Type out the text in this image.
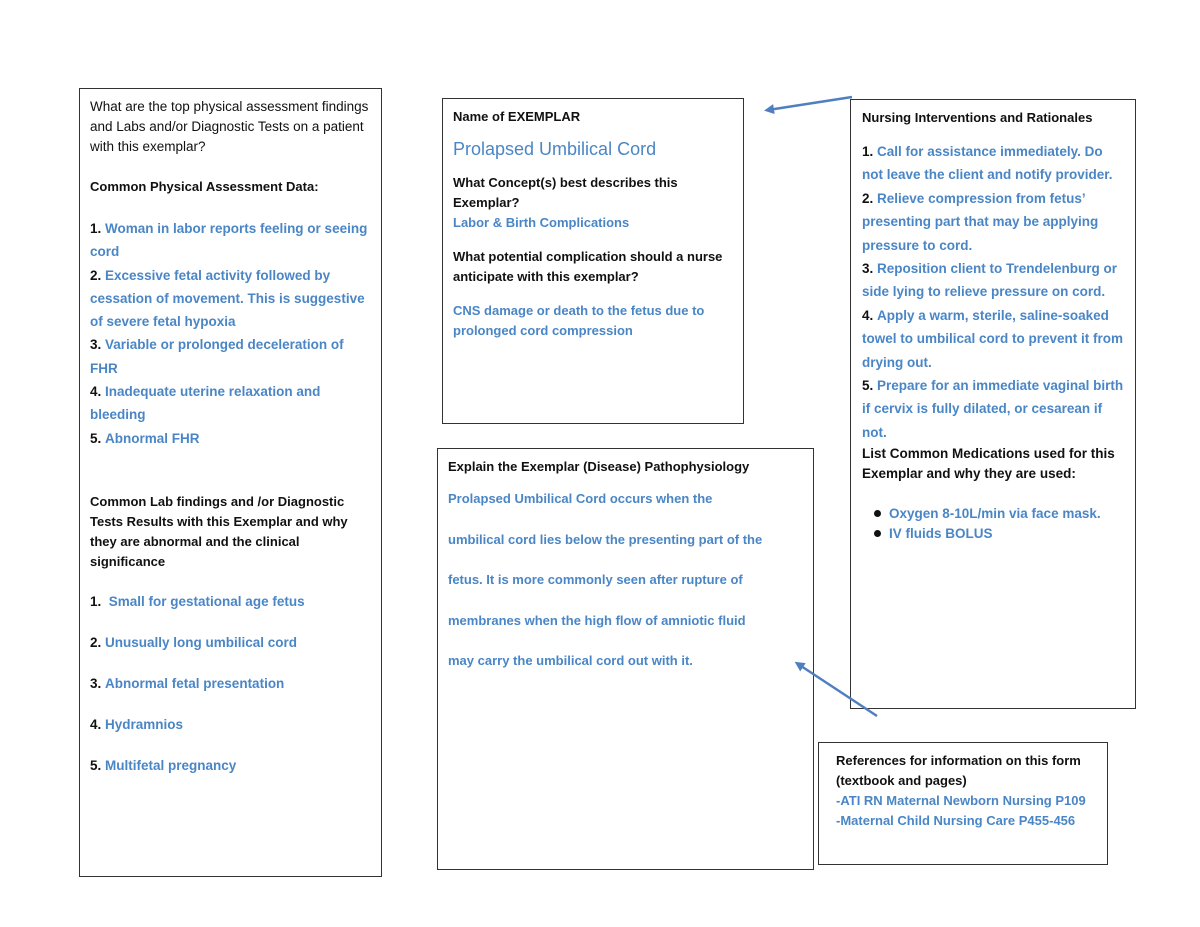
What are the top physical assessment findings and Labs and/or Diagnostic Tests on a patient with this exemplar?
Common Physical Assessment Data:
1. Woman in labor reports feeling or seeing cord
2. Excessive fetal activity followed by cessation of movement. This is suggestive of severe fetal hypoxia
3. Variable or prolonged deceleration of FHR
4. Inadequate uterine relaxation and bleeding
5. Abnormal FHR
Common Lab findings and /or Diagnostic Tests Results with this Exemplar and why they are abnormal and the clinical significance
1. Small for gestational age fetus
2. Unusually long umbilical cord
3. Abnormal fetal presentation
4. Hydramnios
5. Multifetal pregnancy
Name of EXEMPLAR
Prolapsed Umbilical Cord
What Concept(s) best describes this Exemplar?
Labor & Birth Complications
What potential complication should a nurse anticipate with this exemplar?
CNS damage or death to the fetus due to prolonged cord compression
Explain the Exemplar (Disease) Pathophysiology
Prolapsed Umbilical Cord occurs when the
umbilical cord lies below the presenting part of the
fetus. It is more commonly seen after rupture of
membranes when the high flow of amniotic fluid
may carry the umbilical cord out with it.
Nursing Interventions and Rationales
1. Call for assistance immediately. Do not leave the client and notify provider.
2. Relieve compression from fetus’ presenting part that may be applying pressure to cord.
3. Reposition client to Trendelenburg or side lying to relieve pressure on cord.
4. Apply a warm, sterile, saline-soaked towel to umbilical cord to prevent it from drying out.
5. Prepare for an immediate vaginal birth if cervix is fully dilated, or cesarean if not.
List Common Medications used for this Exemplar and why they are used:
Oxygen 8-10L/min via face mask.
IV fluids BOLUS
References for information on this form (textbook and pages)
-ATI RN Maternal Newborn Nursing P109
-Maternal Child Nursing Care P455-456
